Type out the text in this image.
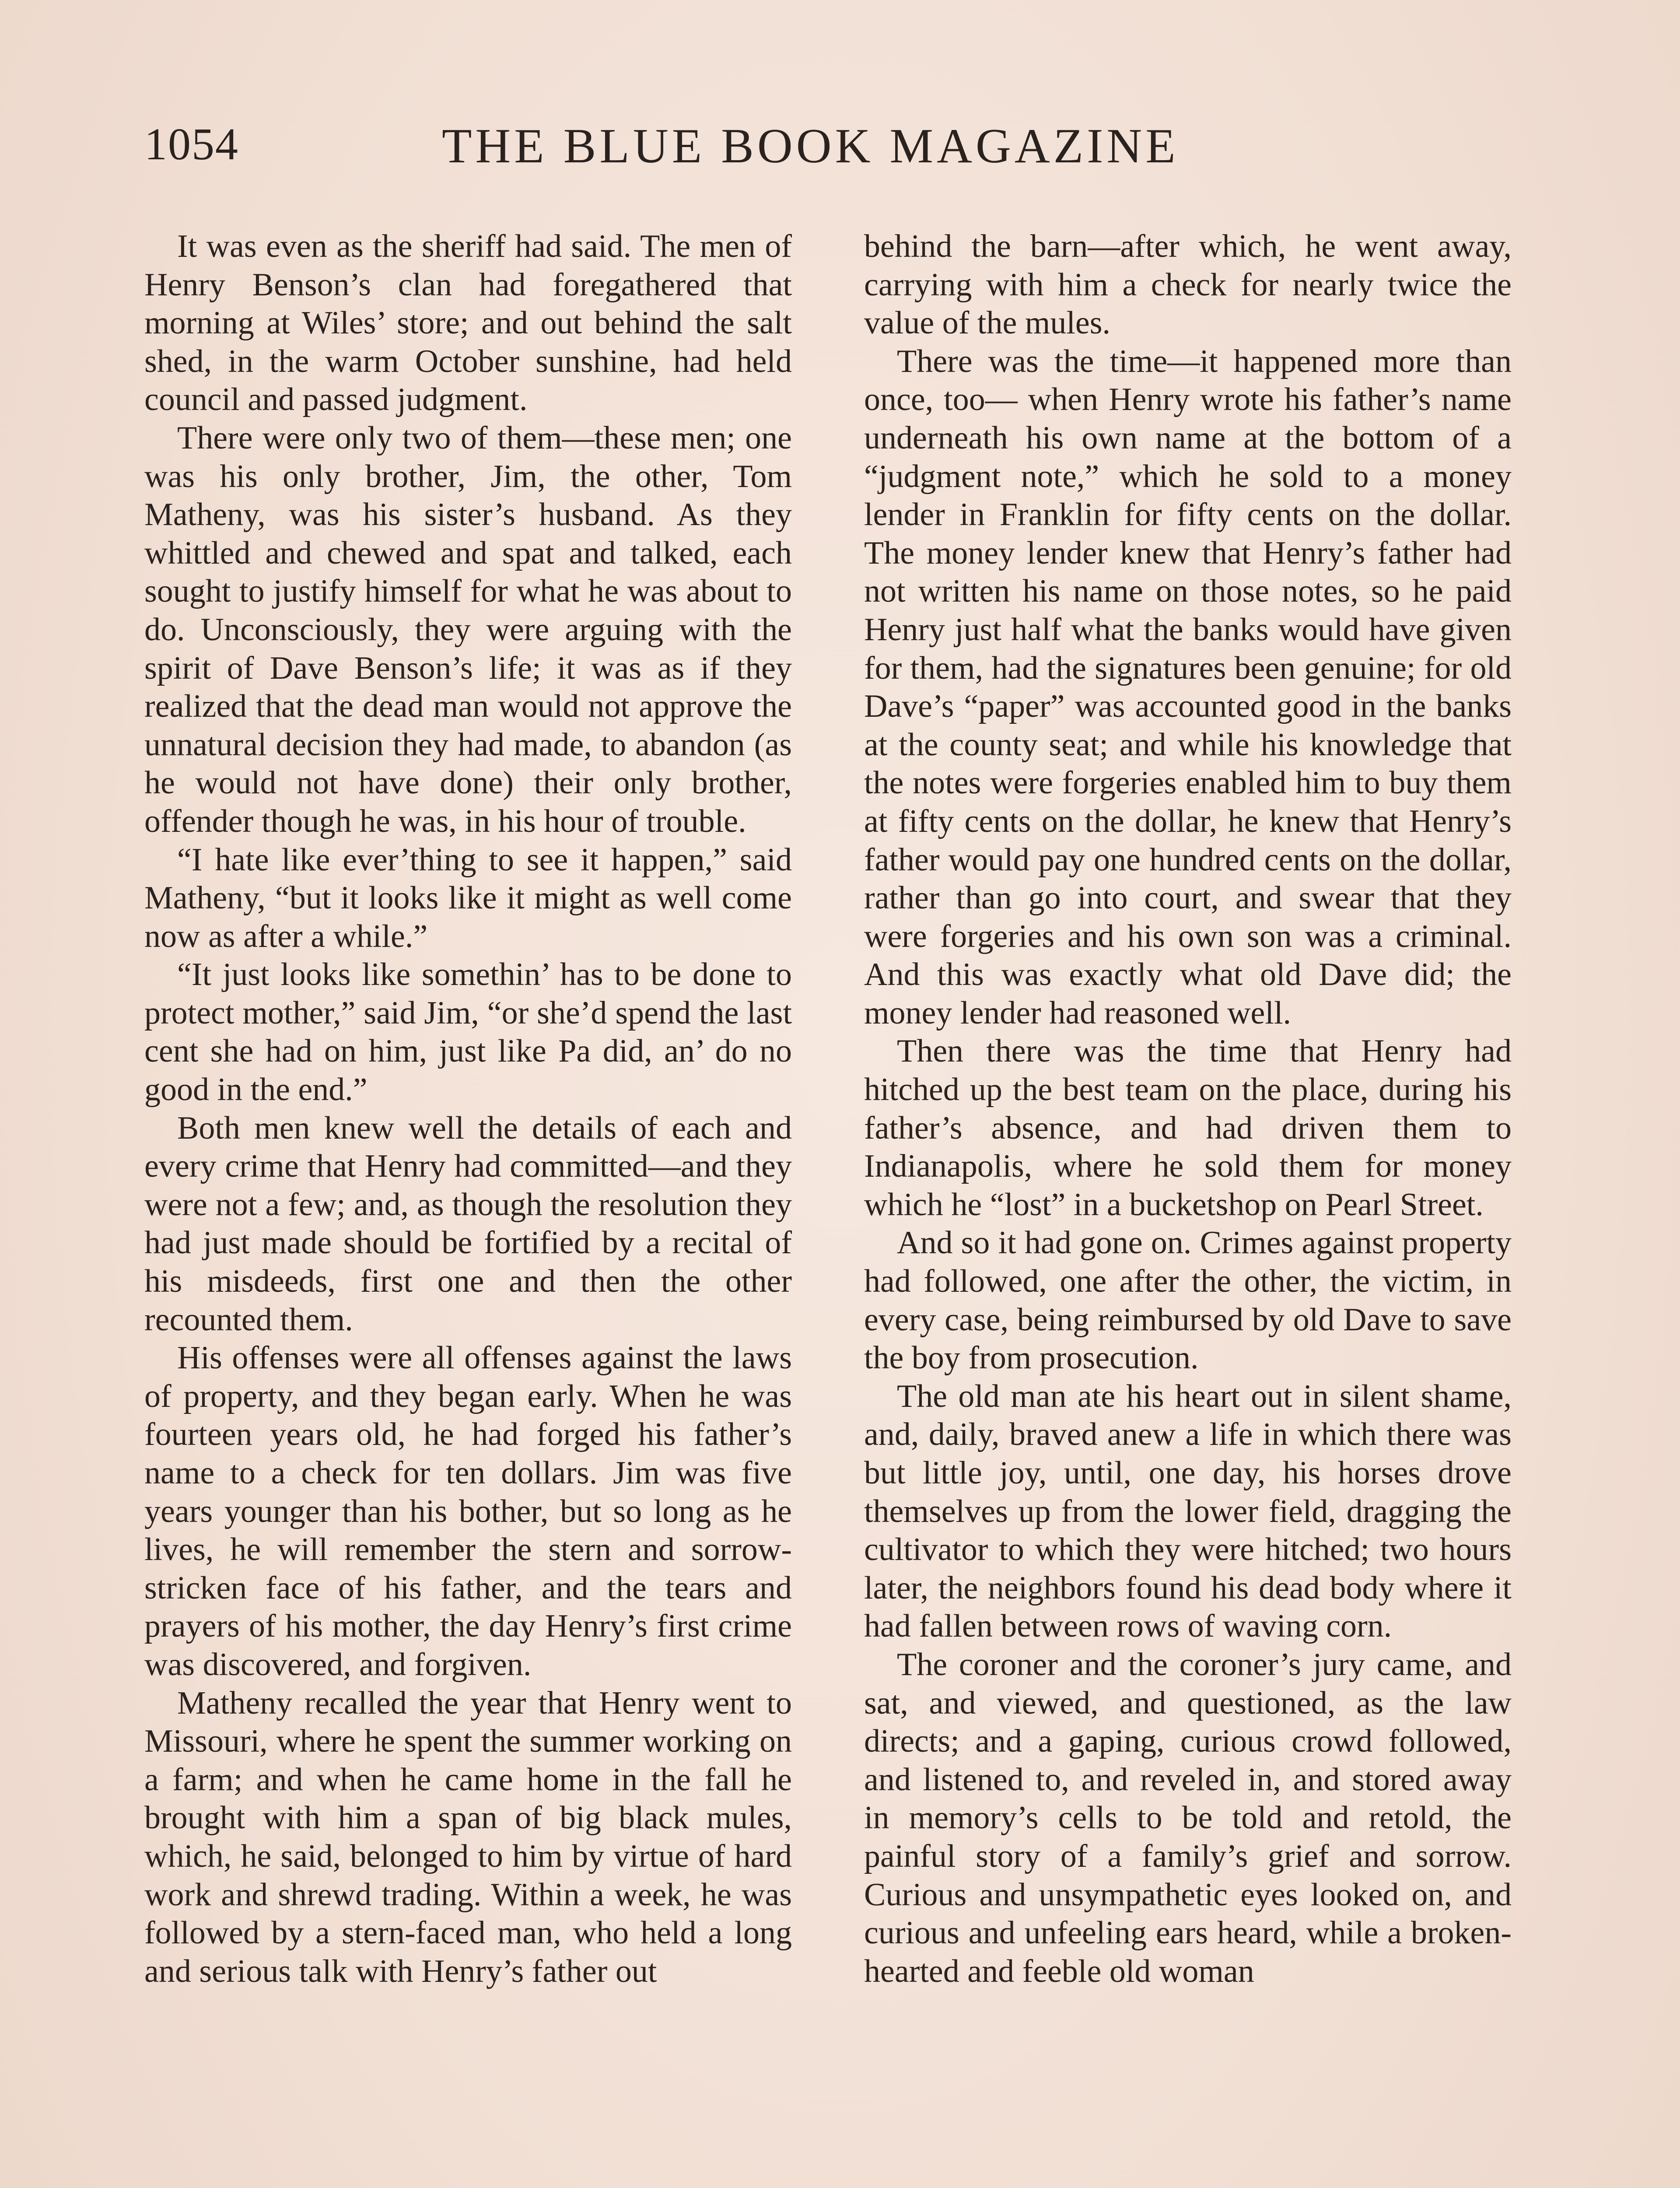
1054	THE BLUE BOOK MAGAZINE

It was even as the sheriff had said. The men of Henry Benson’s clan had foregathered that morning at Wiles’ store; and out behind the salt shed, in the warm October sunshine, had held council and passed judgment.

There were only two of them—these men; one was his only brother, Jim, the other, Tom Matheny, was his sister’s husband. As they whittled and chewed and spat and talked, each sought to justify himself for what he was about to do. Unconsciously, they were arguing with the spirit of Dave Benson’s life; it was as if they realized that the dead man would not approve the unnatural decision they had made, to abandon (as he would not have done) their only brother, offender though he was, in his hour of trouble.

“I hate like ever’thing to see it happen,” said Matheny, “but it looks like it might as well come now as after a while.”

“It just looks like somethin’ has to be done to protect mother,” said Jim, “or she’d spend the last cent she had on him, just like Pa did, an’ do no good in the end.”

Both men knew well the details of each and every crime that Henry had committed—and they were not a few; and, as though the resolution they had just made should be fortified by a recital of his misdeeds, first one and then the other recounted them.

His offenses were all offenses against the laws of property, and they began early. When he was fourteen years old, he had forged his father’s name to a check for ten dollars. Jim was five years younger than his bother, but so long as he lives, he will remember the stern and sorrow-stricken face of his father, and the tears and prayers of his mother, the day Henry’s first crime was discovered, and forgiven.

Matheny recalled the year that Henry went to Missouri, where he spent the summer working on a farm; and when he came home in the fall he brought with him a span of big black mules, which, he said, belonged to him by virtue of hard work and shrewd trading. Within a week, he was followed by a stern-faced man, who held a long and serious talk with Henry’s father out

behind the barn—after which, he went away, carrying with him a check for nearly twice the value of the mules.

There was the time—it happened more than once, too— when Henry wrote his father’s name underneath his own name at the bottom of a “judgment note,” which he sold to a money lender in Franklin for fifty cents on the dollar. The money lender knew that Henry’s father had not written his name on those notes, so he paid Henry just half what the banks would have given for them, had the signatures been genuine; for old Dave’s “paper” was accounted good in the banks at the county seat; and while his knowledge that the notes were forgeries enabled him to buy them at fifty cents on the dollar, he knew that Henry’s father would pay one hundred cents on the dollar, rather than go into court, and swear that they were forgeries and his own son was a criminal. And this was exactly what old Dave did; the money lender had reasoned well.

Then there was the time that Henry had hitched up the best team on the place, during his father’s absence, and had driven them to Indianapolis, where he sold them for money which he “lost” in a bucketshop on Pearl Street.

And so it had gone on. Crimes against property had followed, one after the other, the victim, in every case, being reimbursed by old Dave to save the boy from prosecution.

The old man ate his heart out in silent shame, and, daily, braved anew a life in which there was but little joy, until, one day, his horses drove themselves up from the lower field, dragging the cultivator to which they were hitched; two hours later, the neighbors found his dead body where it had fallen between rows of waving corn.

The coroner and the coroner’s jury came, and sat, and viewed, and questioned, as the law directs; and a gaping, curious crowd followed, and listened to, and reveled in, and stored away in memory’s cells to be told and retold, the painful story of a family’s grief and sorrow. Curious and unsympathetic eyes looked on, and curious and unfeeling ears heard, while a broken-hearted and feeble old woman
